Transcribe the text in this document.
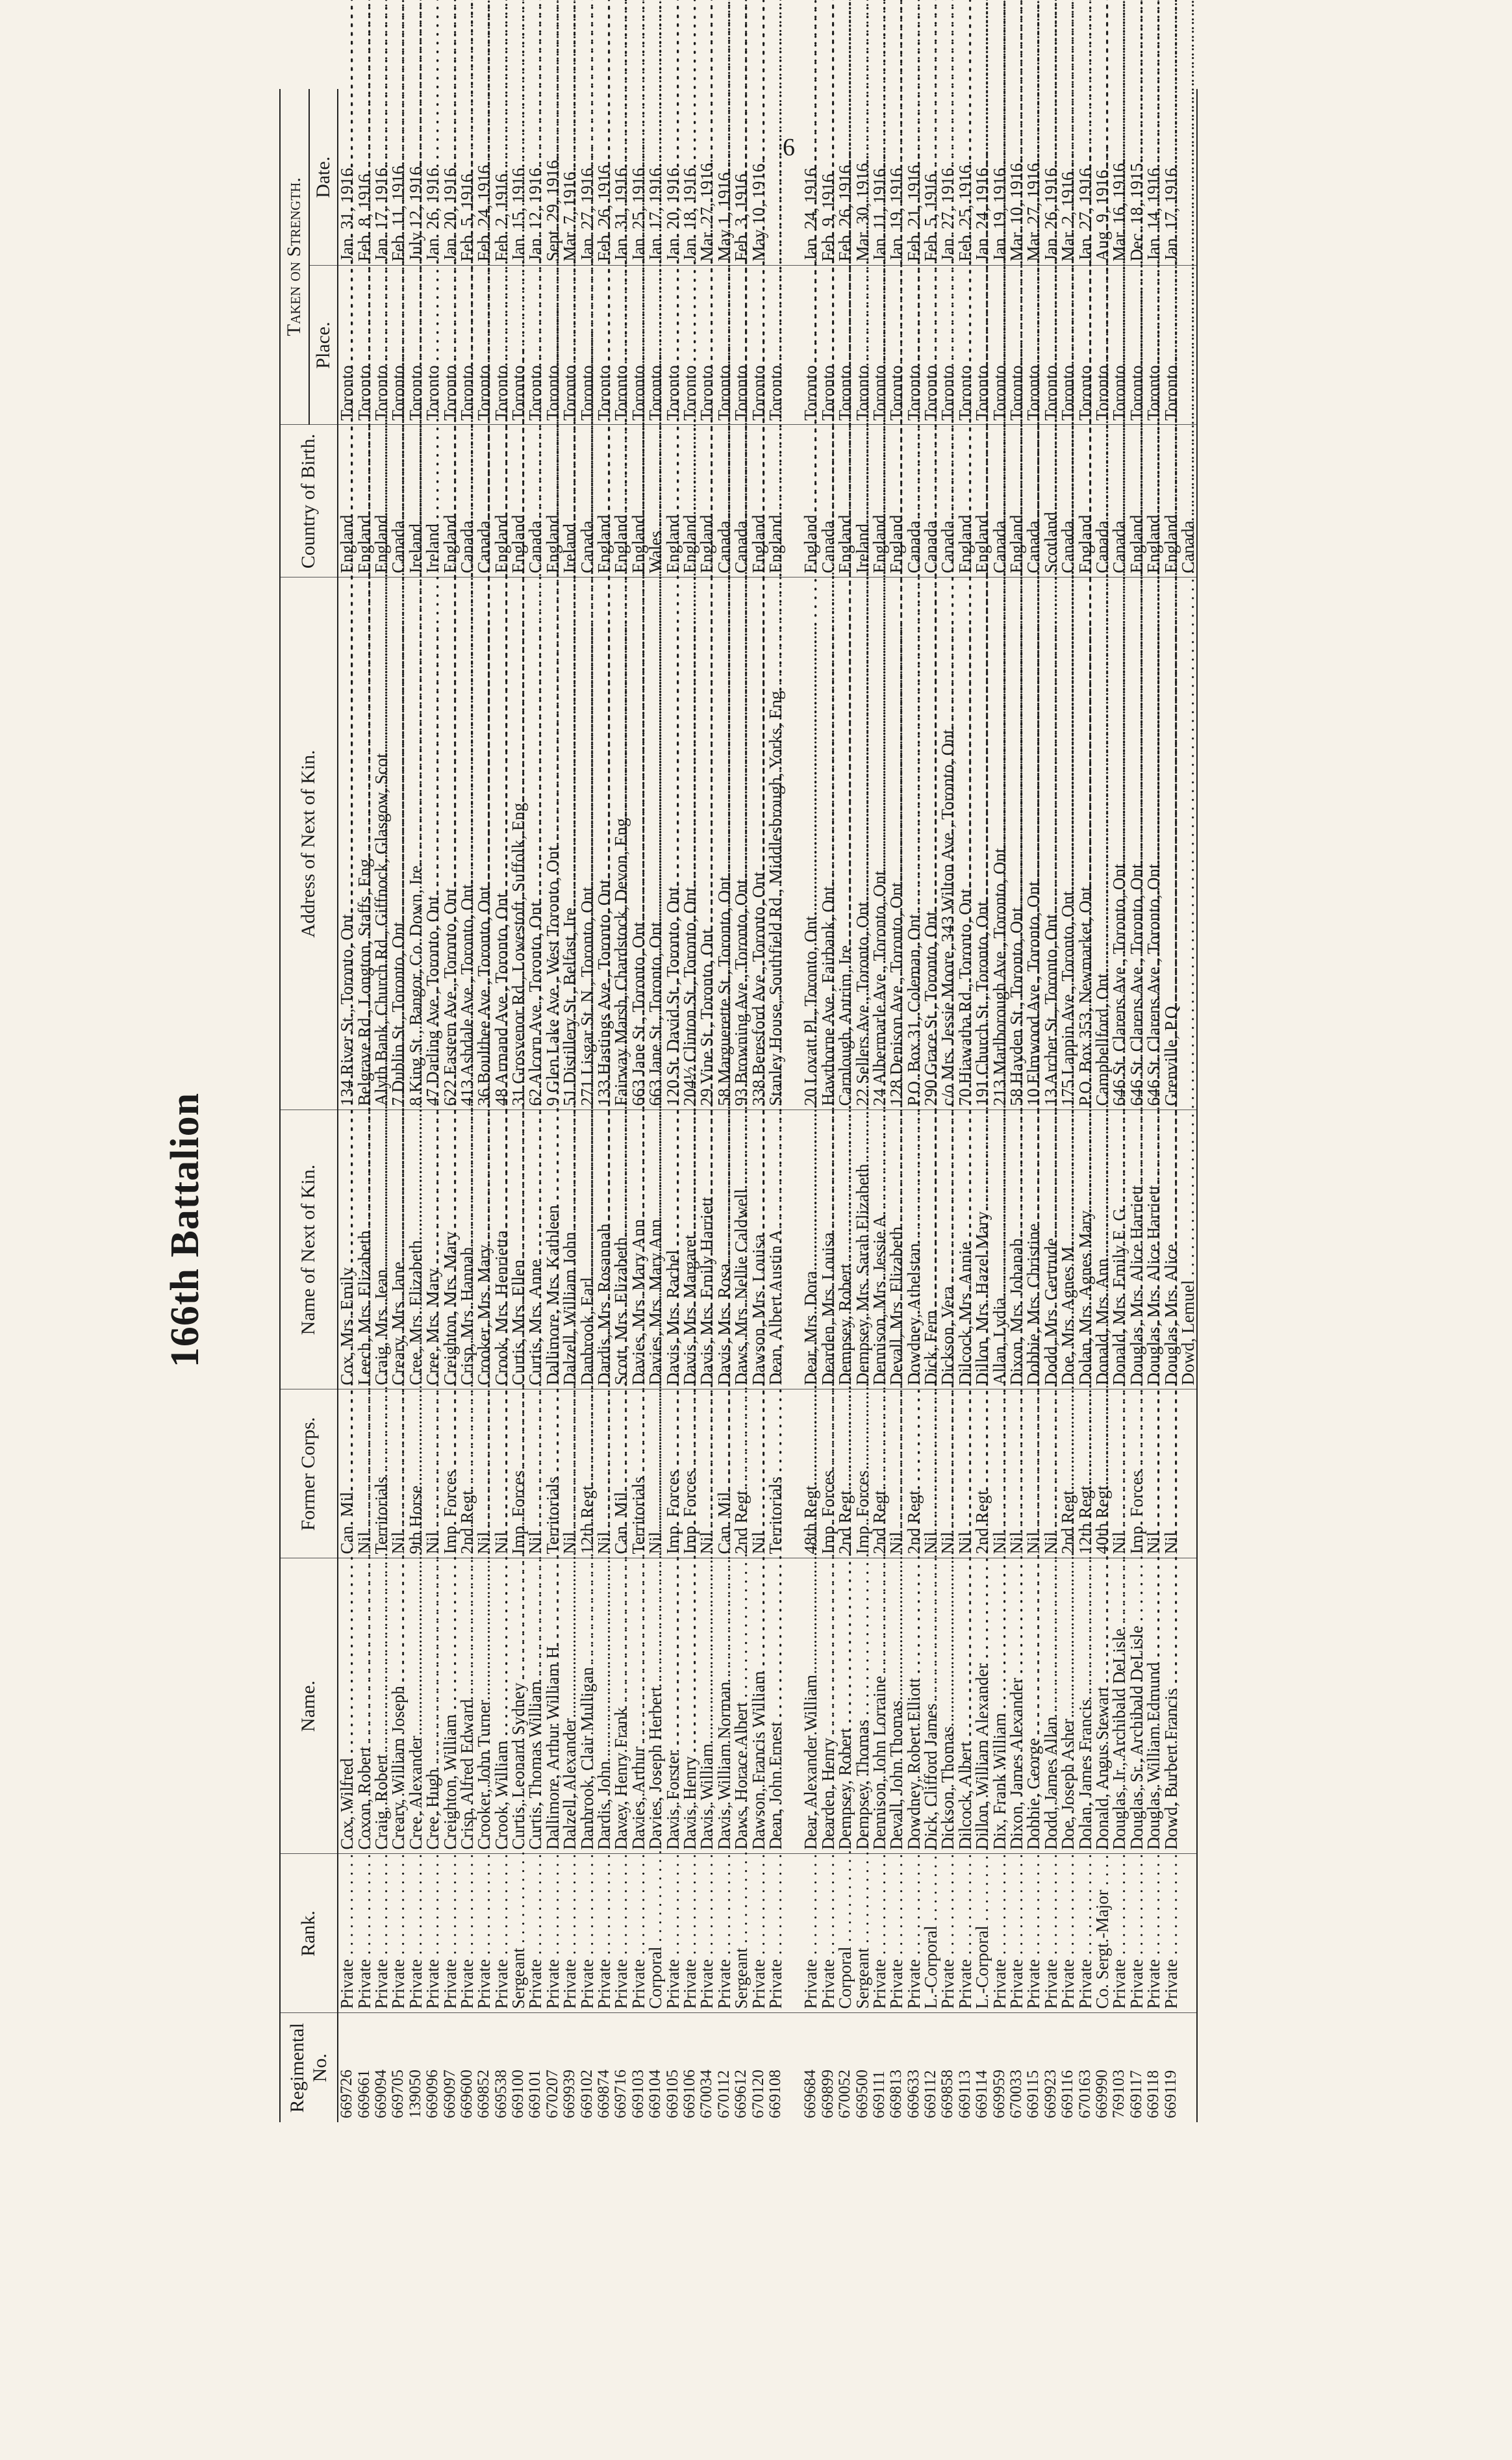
6
166th Battalion
Regimental No.	Rank.	Name.	Former Corps.	Name of Next of Kin.	Address of Next of Kin.	Country of Birth.	Taken on Strength.	
							Place.	Date.
669726	Private . . .	Cox, Wilfred . . .	Can. Mil. . . .	Cox, Mrs. Emily . . .	134 River St., Toronto, Ont. . . .	England . . .	Toronto . . .	Jan. 31, 1916.
669661	Private . . .	Coxon, Robert . . .	Nil . . .	Leech, Mrs. Elizabeth . . .	Belgrave Rd., Longton, Staffs, Eng. . . .	England . . .	Toronto . . .	Feb. 8, 1916.
669094	Private . . .	Craig, Robert . . .	Territorials . . .	Craig, Mrs. Jean . . .	Alyth Bank, Church Rd., Giffnock, Glasgow, Scot. . . .	England . . .	Toronto . . .	Jan. 17, 1916.
669705	Private . . .	Creary, William Joseph . . .	Nil . . .	Creary, Mrs. Jane . . .	7 Dublin St., Toronto, Ont. . . .	Canada . . .	Toronto . . .	Feb. 11, 1916.
139050	Private . . .	Cree, Alexander . . .	9th Horse . . .	Cree, Mrs. Elizabeth . . .	8 King St., Bangor, Co. Down, Ire. . . .	Ireland . . .	Toronto . . .	July 12, 1916.
669096	Private . . .	Cree, Hugh . . .	Nil . . .	Cree, Mrs. Mary . . .	47 Darling Ave., Toronto, Ont. . . .	Ireland . . .	Toronto . . .	Jan. 26, 1916.
669097	Private . . .	Creighton, William . . .	Imp. Forces . . .	Creighton, Mrs. Mary . . .	622 Eastern Ave., Toronto, Ont. . . .	England . . .	Toronto . . .	Jan. 20, 1916.
669600	Private . . .	Crisp, Alfred Edward . . .	2nd Regt. . . .	Crisp, Mrs. Hannah . . .	413 Ashdale Ave., Toronto, Ont. . . .	Canada . . .	Toronto . . .	Feb. 5, 1916.
669852	Private . . .	Crooker, John Turner . . .	Nil . . .	Crooker, Mrs. Mary . . .	36 Boulthee Ave., Toronto, Ont. . . .	Canada . . .	Toronto . . .	Feb. 24, 1916.
669538	Private . . .	Crook, William . . .	Nil . . .	Crook, Mrs. Henrietta . . .	48 Armand Ave., Toronto, Ont. . . .	England . . .	Toronto . . .	Feb. 2, 1916.
669100	Sergeant . . .	Curtis, Leonard Sydney . . .	Imp. Forces . . .	Curtis, Mrs. Ellen . . .	31 Grosvenor Rd., Lowestoft, Suffolk, Eng. . . .	England . . .	Toronto . . .	Jan. 15, 1916.
669101	Private . . .	Curtis, Thomas William . . .	Nil . . .	Curtis, Mrs. Anne . . .	62 Alcorn Ave., Toronto, Ont. . . .	Canada . . .	Toronto . . .	Jan. 12, 1916.
670207	Private . . .	Dallimore, Arthur William H. . . .	Territorials . . .	Dallimore, Mrs. Kathleen . . .	9 Glen Lake Ave., West Toronto, Ont. . . .	England . . .	Toronto . . .	Sept. 29, 1916.
669939	Private . . .	Dalzell, Alexander . . .	Nil . . .	Dalzell, William John . . .	51 Distillery St., Belfast, Ire. . . .	Ireland . . .	Toronto . . .	Mar. 7, 1916.
669102	Private . . .	Danbrook, Clair Mulligan . . .	12th Regt. . . .	Danbrook, Earl . . .	271 Lisgar St. N., Toronto, Ont. . . .	Canada . . .	Toronto . . .	Jan. 27, 1916.
669874	Private . . .	Dardis, John . . .	Nil . . .	Dardis, Mrs. Rosannah . . .	133 Hastings Ave., Toronto, Ont. . . .	England . . .	Toronto . . .	Feb. 26, 1916.
669716	Private . . .	Davey, Henry Frank . . .	Can. Mil. . . .	Scott, Mrs. Elizabeth . . .	Fairway Marsh, Chardstock, Devon, Eng. . . .	England . . .	Toronto . . .	Jan. 31, 1916.
669103	Private . . .	Davies, Arthur . . .	Territorials . . .	Davies, Mrs. Mary Ann . . .	663 Jane St., Toronto, Ont. . . .	England . . .	Toronto . . .	Jan. 25, 1916.
669104	Corporal . . .	Davies, Joseph Herbert . . .	Nil . . .	Davies, Mrs. Mary Ann . . .	663 Jane St., Toronto, Ont. . . .	Wales . . .	Toronto . . .	Jan. 17, 1916.
669105	Private . . .	Davis, Forster . . .	Imp. Forces . . .	Davis, Mrs. Rachel . . .	120 St. David St., Toronto, Ont. . . .	England . . .	Toronto . . .	Jan. 20, 1916.
669106	Private . . .	Davis, Henry . . .	Imp. Forces . . .	Davis, Mrs. Margaret . . .	204½ Clinton St., Toronto, Ont. . . .	England . . .	Toronto . . .	Jan. 18, 1916.
670034	Private . . .	Davis, William . . .	Nil . . .	Davis, Mrs. Emily Harriett . . .	29 Vine St., Toronto, Ont. . . .	England . . .	Toronto . . .	Mar. 27, 1916.
670112	Private . . .	Davis, William Norman . . .	Can. Mil. . . .	Davis, Mrs. Rosa . . .	58 Marguerette St., Toronto, Ont. . . .	Canada . . .	Toronto . . .	May 1, 1916.
669612	Sergeant . . .	Daws, Horace Albert . . .	2nd Regt. . . .	Daws, Mrs. Nellie Caldwell . . .	93 Browning Ave., Toronto, Ont. . . .	Canada . . .	Toronto . . .	Feb. 3, 1916.
670120	Private . . .	Dawson, Francis William . . .	Nil . . .	Dawson, Mrs. Louisa . . .	338 Beresford Ave., Toronto, Ont. . . .	England . . .	Toronto . . .	May 10, 1916.
669108	Private . . .	Dean, John Ernest . . .	Territorials . . .	Dean, Albert Austin A. . . .	Stanley House, Southfield Rd., Middlesbrough, Yorks, Eng. . . .	England . . .	Toronto . . .	

669684	Private . . .	Dear, Alexander William . . .	48th Regt. . . .	Dear, Mrs. Dora . . .	20 Lovatt Pl., Toronto, Ont. . . .	England . . .	Toronto . . .	Jan. 24, 1916.
669899	Private . . .	Dearden, Henry . . .	Imp. Forces . . .	Dearden, Mrs. Louisa . . .	Hawthorne Ave., Fairbank, Ont. . . .	Canada . . .	Toronto . . .	Feb. 9, 1916.
670052	Corporal . . .	Dempsey, Robert . . .	2nd Regt. . . .	Dempsey, Robert . . .	Carnlough, Antrim, Ire. . . .	England . . .	Toronto . . .	Feb. 26, 1916.
669500	Sergeant . . .	Dempsey, Thomas . . .	Imp. Forces . . .	Dempsey, Mrs. Sarah Elizabeth . . .	22 Sellers Ave., Toronto, Ont. . . .	Ireland . . .	Toronto . . .	Mar. 30, 1916.
669111	Private . . .	Dennison, John Lorraine . . .	2nd Regt. . . .	Dennison, Mrs. Jessie A. . . .	24 Albermarle Ave., Toronto, Ont. . . .	England . . .	Toronto . . .	Jan. 11, 1916.
669813	Private . . .	Devall, John Thomas . . .	Nil . . .	Devall, Mrs. Elizabeth . . .	128 Denison Ave., Toronto, Ont. . . .	England . . .	Toronto . . .	Jan. 19, 1916.
669633	Private . . .	Dowdney, Robert Elliott . . .	2nd Regt. . . .	Dowdney, Athelstan . . .	P.O. Box 31, Coleman, Ont. . . .	Canada . . .	Toronto . . .	Feb. 21, 1916.
669112	L.-Corporal . . .	Dick, Clifford James . . .	Nil . . .	Dick, Fern . . .	290 Grace St., Toronto, Ont. . . .	Canada . . .	Toronto . . .	Feb. 5, 1916.
669858	Private . . .	Dickson, Thomas . . .	Nil . . .	Dickson, Vera . . .	c/o Mrs. Jessie Moore, 343 Wilton Ave., Toronto, Ont. . . .	Canada . . .	Toronto . . .	Jan. 27, 1916.
669113	Private . . .	Dilcock, Albert . . .	Nil . . .	Dilcock, Mrs. Annie . . .	70 Hiawatha Rd., Toronto, Ont. . . .	England . . .	Toronto . . .	Feb. 25, 1916.
669114	L.-Corporal . . .	Dillon, William Alexander . . .	2nd Regt. . . .	Dillon, Mrs. Hazel Mary . . .	191 Church St., Toronto, Ont. . . .	England . . .	Toronto . . .	Jan. 24, 1916.
669959	Private . . .	Dix, Frank William . . .	Nil . . .	Allan, Lydia . . .	213 Marlborough Ave., Toronto, Ont. . . .	Canada . . .	Toronto . . .	Jan. 19, 1916.
670033	Private . . .	Dixon, James Alexander . . .	Nil . . .	Dixon, Mrs. Johanah . . .	58 Hayden St., Toronto, Ont. . . .	England . . .	Toronto . . .	Mar. 10, 1916.
669115	Private . . .	Dobbie, George . . .	Nil . . .	Dobbie, Mrs. Christine . . .	10 Elmwood Ave., Toronto, Ont. . . .	Canada . . .	Toronto . . .	Mar. 27, 1916.
669923	Private . . .	Dodd, James Allan . . .	Nil . . .	Dodd, Mrs. Gertrude . . .	13 Archer St., Toronto, Ont. . . .	Scotland . . .	Toronto . . .	Jan. 26, 1916.
669116	Private . . .	Doe, Joseph Asher . . .	2nd Regt. . . .	Doe, Mrs. Agnes M. . . .	175 Lappin Ave., Toronto, Ont. . . .	Canada . . .	Toronto . . .	Mar. 2, 1916.
670163	Private . . .	Dolan, James Francis . . .	12th Regt. . . .	Dolan, Mrs. Agnes Mary . . .	P.O. Box 353, Newmarket, Ont. . . .	England . . .	Toronto . . .	Jan. 27, 1916.
669990	Co. Sergt.-Major . . .	Donald, Angus Stewart . . .	40th Regt. . . .	Donald, Mrs. Ann . . .	Campbellford, Ont. . . .	Canada . . .	Toronto . . .	Aug. 9, 1916.
769103	Private . . .	Douglas, Jr., Archibald DeLisle . . .	Nil . . .	Donald, Mrs. Emily E. G. . . .	646 St. Clarens Ave., Toronto, Ont. . . .	Canada . . .	Toronto . . .	Mar. 16, 1916.
669117	Private . . .	Douglas, Sr., Archibald DeLisle . . .	Imp. Forces . . .	Douglas, Mrs. Alice Harriett . . .	646 St. Clarens Ave., Toronto, Ont. . . .	England . . .	Toronto . . .	Dec. 18, 1915.
669118	Private . . .	Douglas, William Edmund . . .	Nil . . .	Douglas, Mrs. Alice Harriett . . .	646 St. Clarens Ave., Toronto, Ont. . . .	England . . .	Toronto . . .	Jan. 14, 1916.
669119	Private . . .	Dowd, Burbert Francis . . .	Nil . . .	Douglas, Mrs. Alice . . .	Grenville, P.Q. . . .	England . . .	Toronto . . .	Jan. 17, 1916.
				Dowd, Lemuel . . .		Canada . . .		
